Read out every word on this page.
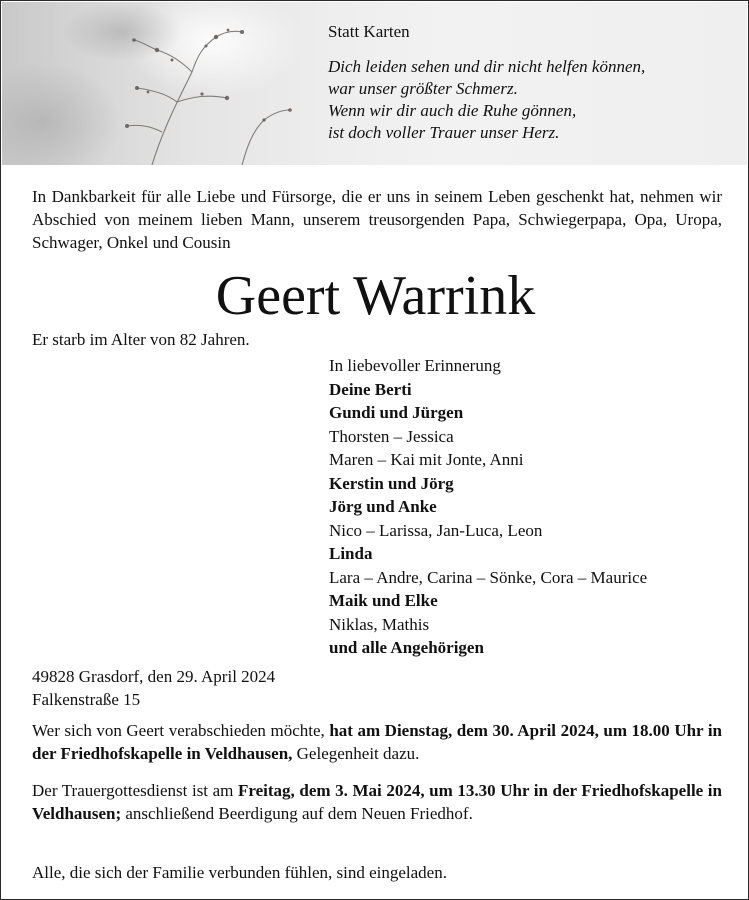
Statt Karten
Dich leiden sehen und dir nicht helfen können,
war unser größter Schmerz.
Wenn wir dir auch die Ruhe gönnen,
ist doch voller Trauer unser Herz.
In Dankbarkeit für alle Liebe und Fürsorge, die er uns in seinem Leben geschenkt hat, nehmen wir Abschied von meinem lieben Mann, unserem treusorgenden Papa, Schwiegerpapa, Opa, Uropa, Schwager, Onkel und Cousin
Geert Warrink
Er starb im Alter von 82 Jahren.
In liebevoller Erinnerung
Deine Berti
Gundi und Jürgen
Thorsten – Jessica
Maren – Kai mit Jonte, Anni
Kerstin und Jörg
Jörg und Anke
Nico – Larissa, Jan-Luca, Leon
Linda
Lara – Andre, Carina – Sönke, Cora – Maurice
Maik und Elke
Niklas, Mathis
und alle Angehörigen
49828 Grasdorf, den 29. April 2024
Falkenstraße 15
Wer sich von Geert verabschieden möchte, hat am Dienstag, dem 30. April 2024, um 18.00 Uhr in der Friedhofskapelle in Veldhausen, Gelegenheit dazu.
Der Trauergottesdienst ist am Freitag, dem 3. Mai 2024, um 13.30 Uhr in der Friedhofskapelle in Veldhausen; anschließend Beerdigung auf dem Neuen Friedhof.
Alle, die sich der Familie verbunden fühlen, sind eingeladen.
